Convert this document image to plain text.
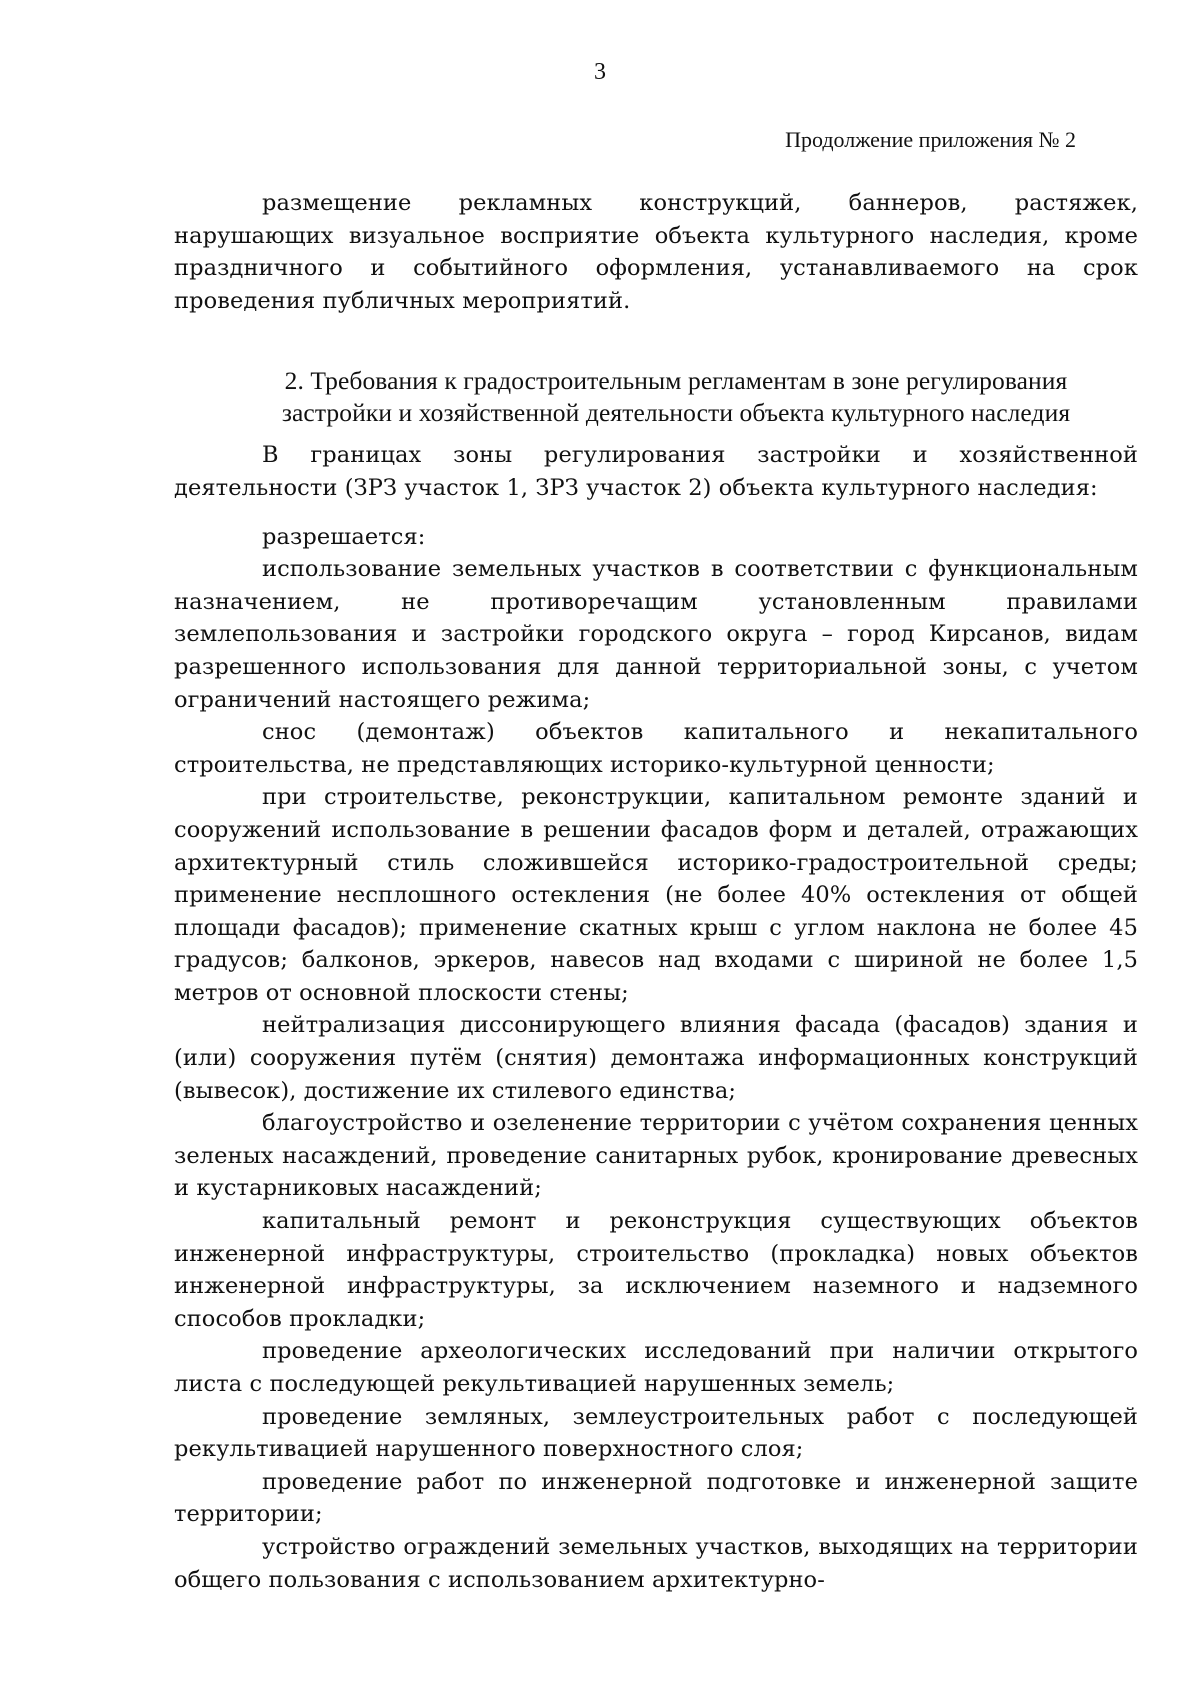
3
Продолжение приложения № 2

размещение рекламных конструкций, баннеров, растяжек, нарушающих визуальное восприятие объекта культурного наследия, кроме праздничного и событийного оформления, устанавливаемого на срок проведения публичных мероприятий.

2. Требования к градостроительным регламентам в зоне регулирования

застройки и хозяйственной деятельности объекта культурного наследия

В границах зоны регулирования застройки и хозяйственной деятельности (ЗРЗ участок 1, ЗРЗ участок 2) объекта культурного наследия:

разрешается:

использование земельных участков в соответствии с функциональным назначением, не противоречащим установленным правилами землепользования и застройки городского округа – город Кирсанов, видам разрешенного использования для данной территориальной зоны, с учетом ограничений настоящего режима;

снос (демонтаж) объектов капитального и некапитального строительства, не представляющих историко-культурной ценности;

при строительстве, реконструкции, капитальном ремонте зданий и сооружений использование в решении фасадов форм и деталей, отражающих архитектурный стиль сложившейся историко-градостроительной среды; применение несплошного остекления (не более 40% остекления от общей площади фасадов); применение скатных крыш с углом наклона не более 45 градусов; балконов, эркеров, навесов над входами с шириной не более 1,5 метров от основной плоскости стены;

нейтрализация диссонирующего влияния фасада (фасадов) здания и (или) сооружения путём (снятия) демонтажа информационных конструкций (вывесок), достижение их стилевого единства;

благоустройство и озеленение территории с учётом сохранения ценных зеленых насаждений, проведение санитарных рубок, кронирование древесных и кустарниковых насаждений;

капитальный ремонт и реконструкция существующих объектов инженерной инфраструктуры, строительство (прокладка) новых объектов инженерной инфраструктуры, за исключением наземного и надземного способов прокладки;

проведение археологических исследований при наличии открытого листа с последующей рекультивацией нарушенных земель;

проведение земляных, землеустроительных работ с последующей рекультивацией нарушенного поверхностного слоя;

проведение работ по инженерной подготовке и инженерной защите территории;

устройство ограждений земельных участков, выходящих на территории общего пользования с использованием архитектурно-
